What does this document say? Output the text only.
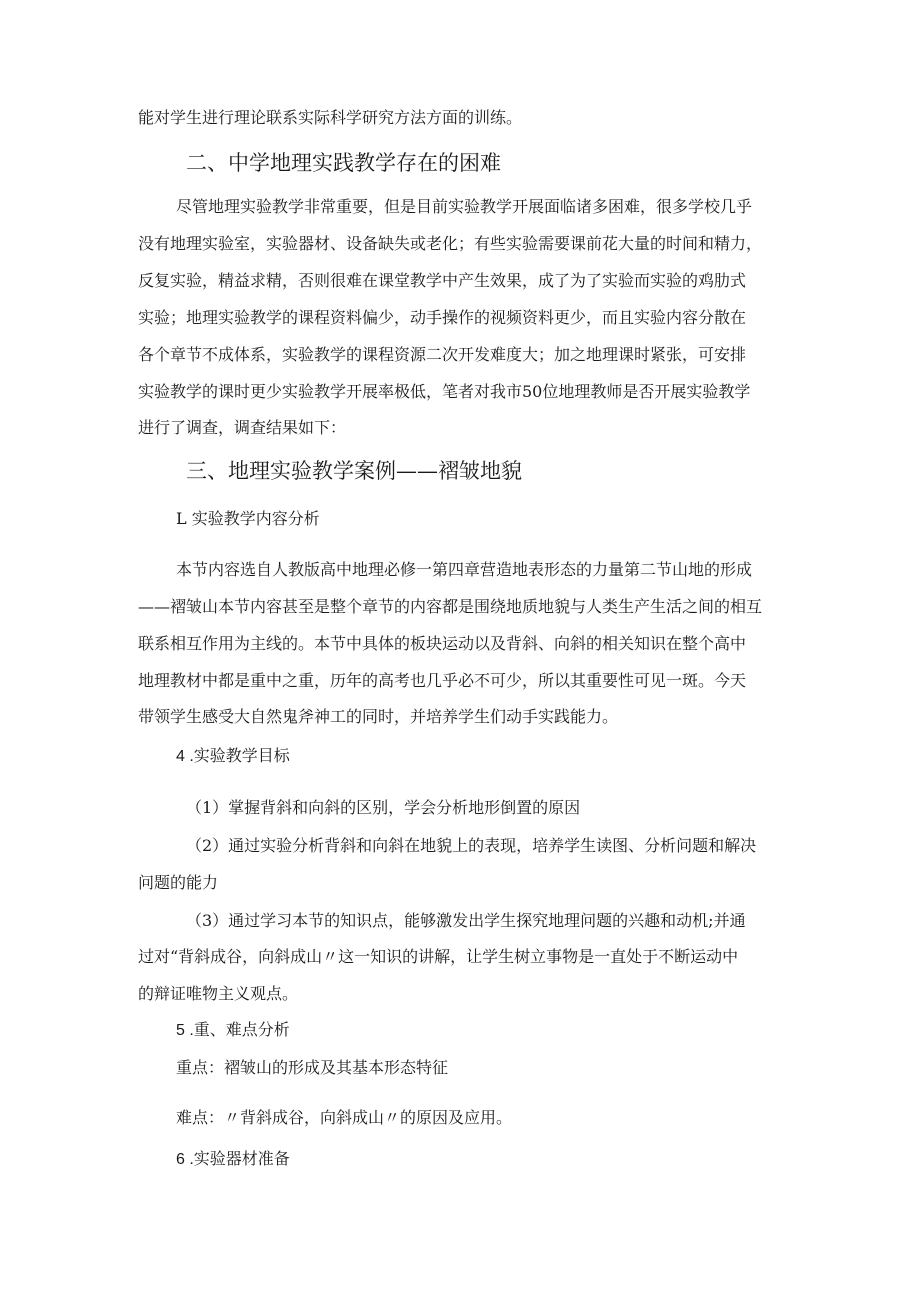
能对学生进行理论联系实际科学研究方法方面的训练。
二、中学地理实践教学存在的困难
尽管地理实验教学非常重要，但是目前实验教学开展面临诸多困难，很多学校几乎
没有地理实验室，实验器材、设备缺失或老化；有些实验需要课前花大量的时间和精力，
反复实验，精益求精，否则很难在课堂教学中产生效果，成了为了实验而实验的鸡肋式
实验；地理实验教学的课程资料偏少，动手操作的视频资料更少，而且实验内容分散在
各个章节不成体系，实验教学的课程资源二次开发难度大；加之地理课时紧张，可安排
实验教学的课时更少实验教学开展率极低，笔者对我市50位地理教师是否开展实验教学
进行了调查，调查结果如下：
三、地理实验教学案例——褶皱地貌
L 实验教学内容分析
本节内容选自人教版高中地理必修一第四章营造地表形态的力量第二节山地的形成
——褶皱山本节内容甚至是整个章节的内容都是围绕地质地貌与人类生产生活之间的相互
联系相互作用为主线的。本节中具体的板块运动以及背斜、向斜的相关知识在整个高中
地理教材中都是重中之重，历年的高考也几乎必不可少，所以其重要性可见一斑。今天
带领学生感受大自然鬼斧神工的同时，并培养学生们动手实践能力。
4 .实验教学目标
（1）掌握背斜和向斜的区别，学会分析地形倒置的原因
（2）通过实验分析背斜和向斜在地貌上的表现，培养学生读图、分析问题和解决
问题的能力
（3）通过学习本节的知识点，能够激发出学生探究地理问题的兴趣和动机;并通
过对“背斜成谷，向斜成山〃这一知识的讲解，让学生树立事物是一直处于不断运动中
的辩证唯物主义观点。
5 .重、难点分析
重点：褶皱山的形成及其基本形态特征
难点：〃背斜成谷，向斜成山〃的原因及应用。
6 .实验器材准备
